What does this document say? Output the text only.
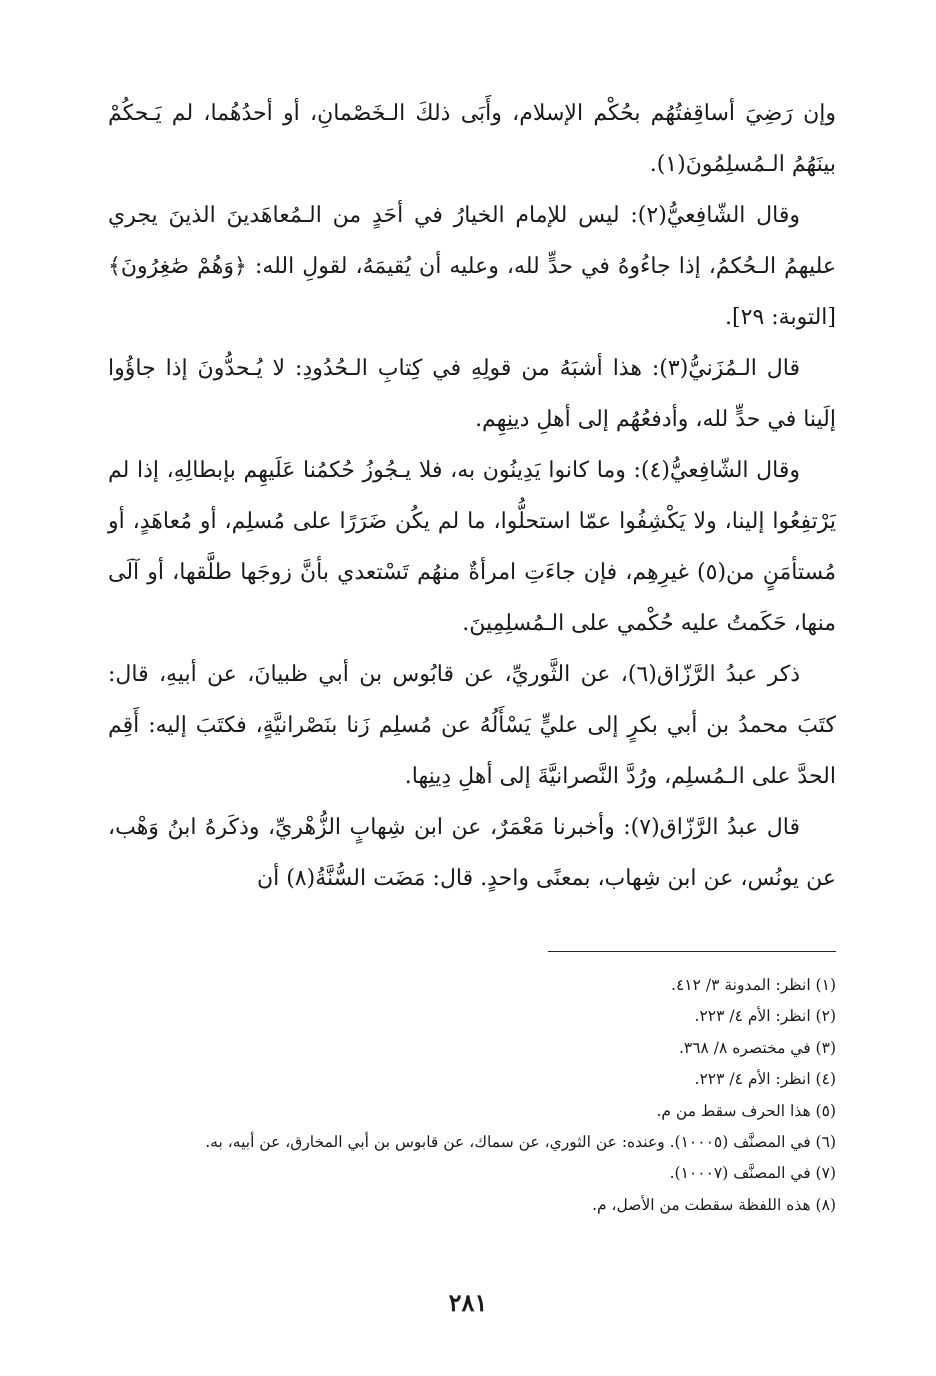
وإن رَضِيَ أساقِفتُهُم بحُكْم الإسلام، وأَبَى ذلكَ الـخَصْمانِ، أو أحدُهُما، لم يَـحكُمْ بينَهُمُ الـمُسلِمُونَ(١).

وقال الشّافِعيُّ(٢): ليس للإمام الخيارُ في أحَدٍ من الـمُعاهَدينَ الذينَ يجري عليهمُ الـحُكمُ، إذا جاءُوهُ في حدٍّ لله، وعليه أن يُقيمَهُ، لقولِ الله: ﴿وَهُمْ صَٰغِرُونَ﴾ [التوبة: ٢٩].

قال الـمُزَنيُّ(٣): هذا أشبَهُ من قولِهِ في كِتابِ الـحُدُودِ: لا يُـحدُّونَ إذا جاؤُوا إلَينا في حدٍّ لله، وأدفعُهُم إلى أهلِ دينِهِم.

وقال الشّافِعيُّ(٤): وما كانوا يَدِينُون به، فلا يـجُوزُ حُكمُنا عَلَيهِم بإبطالِهِ، إذا لم يَرْتفِعُوا إلينا، ولا يَكْشِفُوا عمّا استحلُّوا، ما لم يكُن ضَرَرًا على مُسلِم، أو مُعاهَدٍ، أو مُستأمَنٍ من(٥) غيرِهِم، فإن جاءَتِ امرأةٌ منهُم تَسْتعدي بأنَّ زوجَها طلَّقها، أو آلَى منها، حَكَمتُ عليه حُكْمي على الـمُسلِمِينَ.

ذكر عبدُ الرَّزّاق(٦)، عن الثَّوريِّ، عن قابُوس بن أبي ظبيانَ، عن أبيهِ، قال: كتَبَ محمدُ بن أبي بكرٍ إلى عليٍّ يَسْأَلُهُ عن مُسلِم زَنا بنَصْرانيَّةٍ، فكتَبَ إليه: أَقِم الحدَّ على الـمُسلِم، ورُدَّ النَّصرانيَّةَ إلى أهلِ دِينِها.

قال عبدُ الرَّزّاق(٧): وأخبرنا مَعْمَرٌ، عن ابن شِهابٍ الزُّهْريِّ، وذكَرهُ ابنُ وَهْب، عن يونُس، عن ابن شِهاب، بمعنًى واحدٍ. قال: مَضَت السُّنَّةُ(٨) أن

(١) انظر: المدونة ٣/ ٤١٢.

(٢) انظر: الأم ٤/ ٢٢٣.

(٣) في مختصره ٨/ ٣٦٨.

(٤) انظر: الأم ٤/ ٢٢٣.

(٥) هذا الحرف سقط من م.

(٦) في المصنَّف (١٠٠٠٥). وعنده: عن الثوري، عن سماك، عن قابوس بن أبي المخارق، عن أبيه، به.

(٧) في المصنَّف (١٠٠٠٧).

(٨) هذه اللفظة سقطت من الأصل، م.

٢٨١
